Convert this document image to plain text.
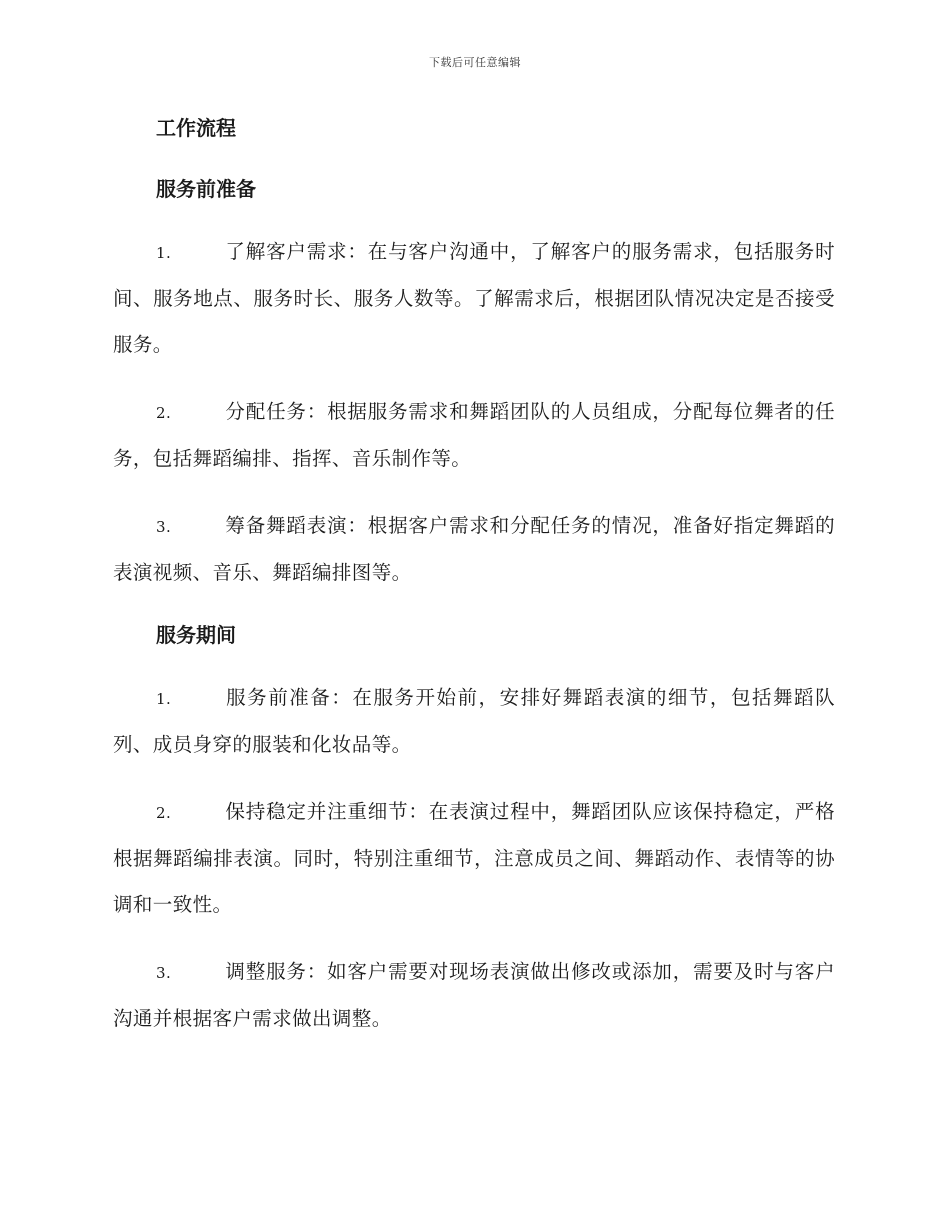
下载后可任意编辑
工作流程
服务前准备
1.	了解客户需求：在与客户沟通中，了解客户的服务需求，包括服务时间、服务地点、服务时长、服务人数等。了解需求后，根据团队情况决定是否接受服务。
2.	分配任务：根据服务需求和舞蹈团队的人员组成，分配每位舞者的任务，包括舞蹈编排、指挥、音乐制作等。
3.	筹备舞蹈表演：根据客户需求和分配任务的情况，准备好指定舞蹈的表演视频、音乐、舞蹈编排图等。
服务期间
1.	服务前准备：在服务开始前，安排好舞蹈表演的细节，包括舞蹈队列、成员身穿的服装和化妆品等。
2.	保持稳定并注重细节：在表演过程中，舞蹈团队应该保持稳定，严格根据舞蹈编排表演。同时，特别注重细节，注意成员之间、舞蹈动作、表情等的协调和一致性。
3.	调整服务：如客户需要对现场表演做出修改或添加，需要及时与客户沟通并根据客户需求做出调整。
